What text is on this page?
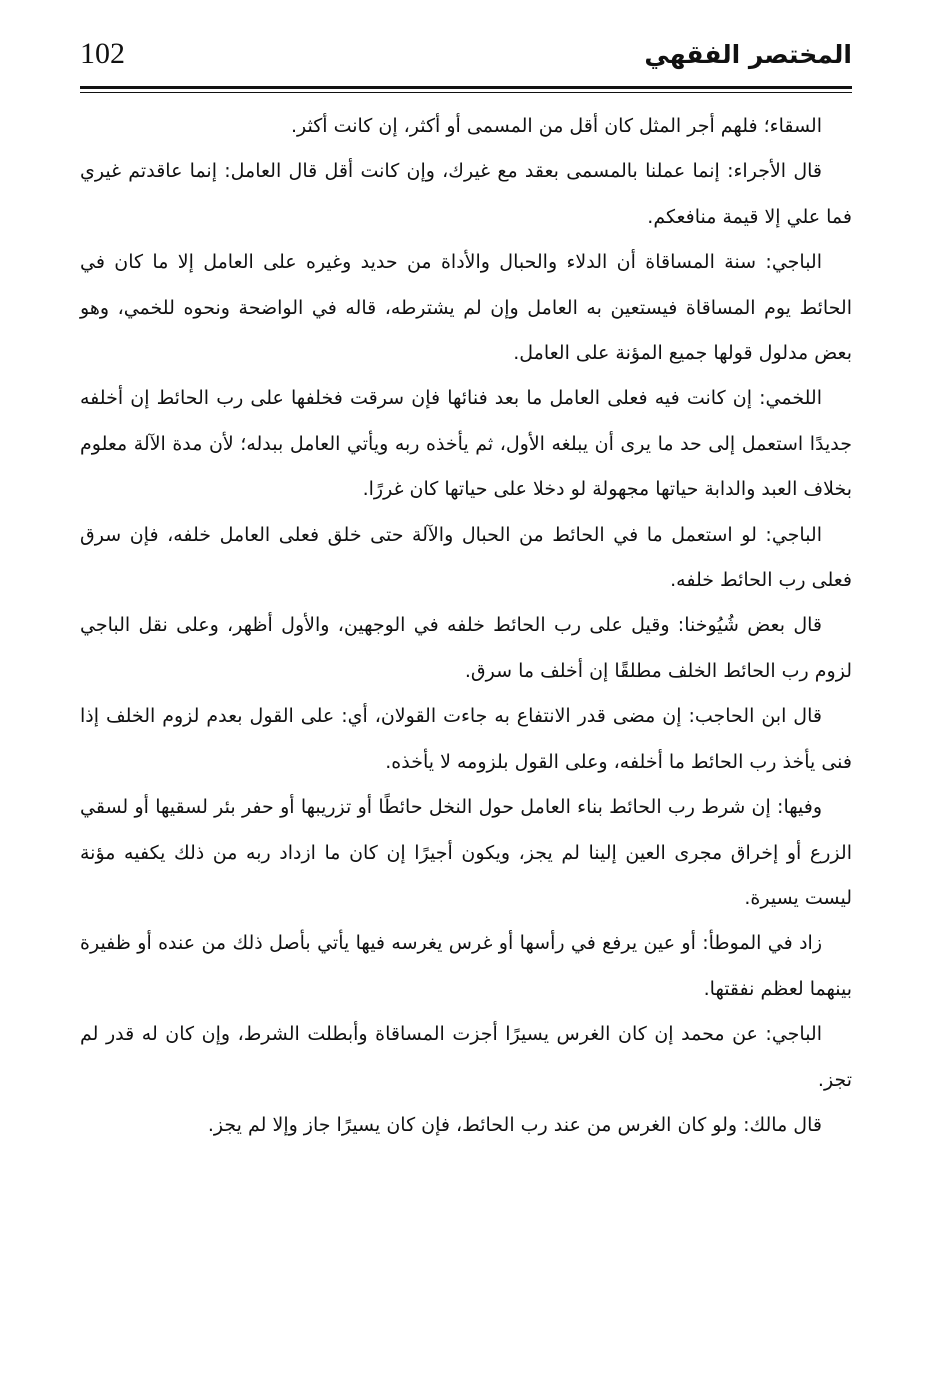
102	المختصر الفقهي

السقاء؛ فلهم أجر المثل كان أقل من المسمى أو أكثر، إن كانت أكثر.

قال الأجراء: إنما عملنا بالمسمى بعقد مع غيرك، وإن كانت أقل قال العامل: إنما عاقدتم غيري فما علي إلا قيمة منافعكم.

الباجي: سنة المساقاة أن الدلاء والحبال والأداة من حديد وغيره على العامل إلا ما كان في الحائط يوم المساقاة فيستعين به العامل وإن لم يشترطه، قاله في الواضحة ونحوه للخمي، وهو بعض مدلول قولها جميع المؤنة على العامل.

اللخمي: إن كانت فيه فعلى العامل ما بعد فنائها فإن سرقت فخلفها على رب الحائط إن أخلفه جديدًا استعمل إلى حد ما يرى أن يبلغه الأول، ثم يأخذه ربه ويأتي العامل ببدله؛ لأن مدة الآلة معلوم بخلاف العبد والدابة حياتها مجهولة لو دخلا على حياتها كان غررًا.

الباجي: لو استعمل ما في الحائط من الحبال والآلة حتى خلق فعلى العامل خلفه، فإن سرق فعلى رب الحائط خلفه.

قال بعض شُيُوخنا: وقيل على رب الحائط خلفه في الوجهين، والأول أظهر، وعلى نقل الباجي لزوم رب الحائط الخلف مطلقًا إن أخلف ما سرق.

قال ابن الحاجب: إن مضى قدر الانتفاع به جاءت القولان، أي: على القول بعدم لزوم الخلف إذا فنى يأخذ رب الحائط ما أخلفه، وعلى القول بلزومه لا يأخذه.

وفيها: إن شرط رب الحائط بناء العامل حول النخل حائطًا أو تزريبها أو حفر بئر لسقيها أو لسقي الزرع أو إخراق مجرى العين إلينا لم يجز، ويكون أجيرًا إن كان ما ازداد ربه من ذلك يكفيه مؤنة ليست يسيرة.

زاد في الموطأ: أو عين يرفع في رأسها أو غرس يغرسه فيها يأتي بأصل ذلك من عنده أو ظفيرة بينهما لعظم نفقتها.

الباجي: عن محمد إن كان الغرس يسيرًا أجزت المساقاة وأبطلت الشرط، وإن كان له قدر لم تجز.

قال مالك: ولو كان الغرس من عند رب الحائط، فإن كان يسيرًا جاز وإلا لم يجز.
